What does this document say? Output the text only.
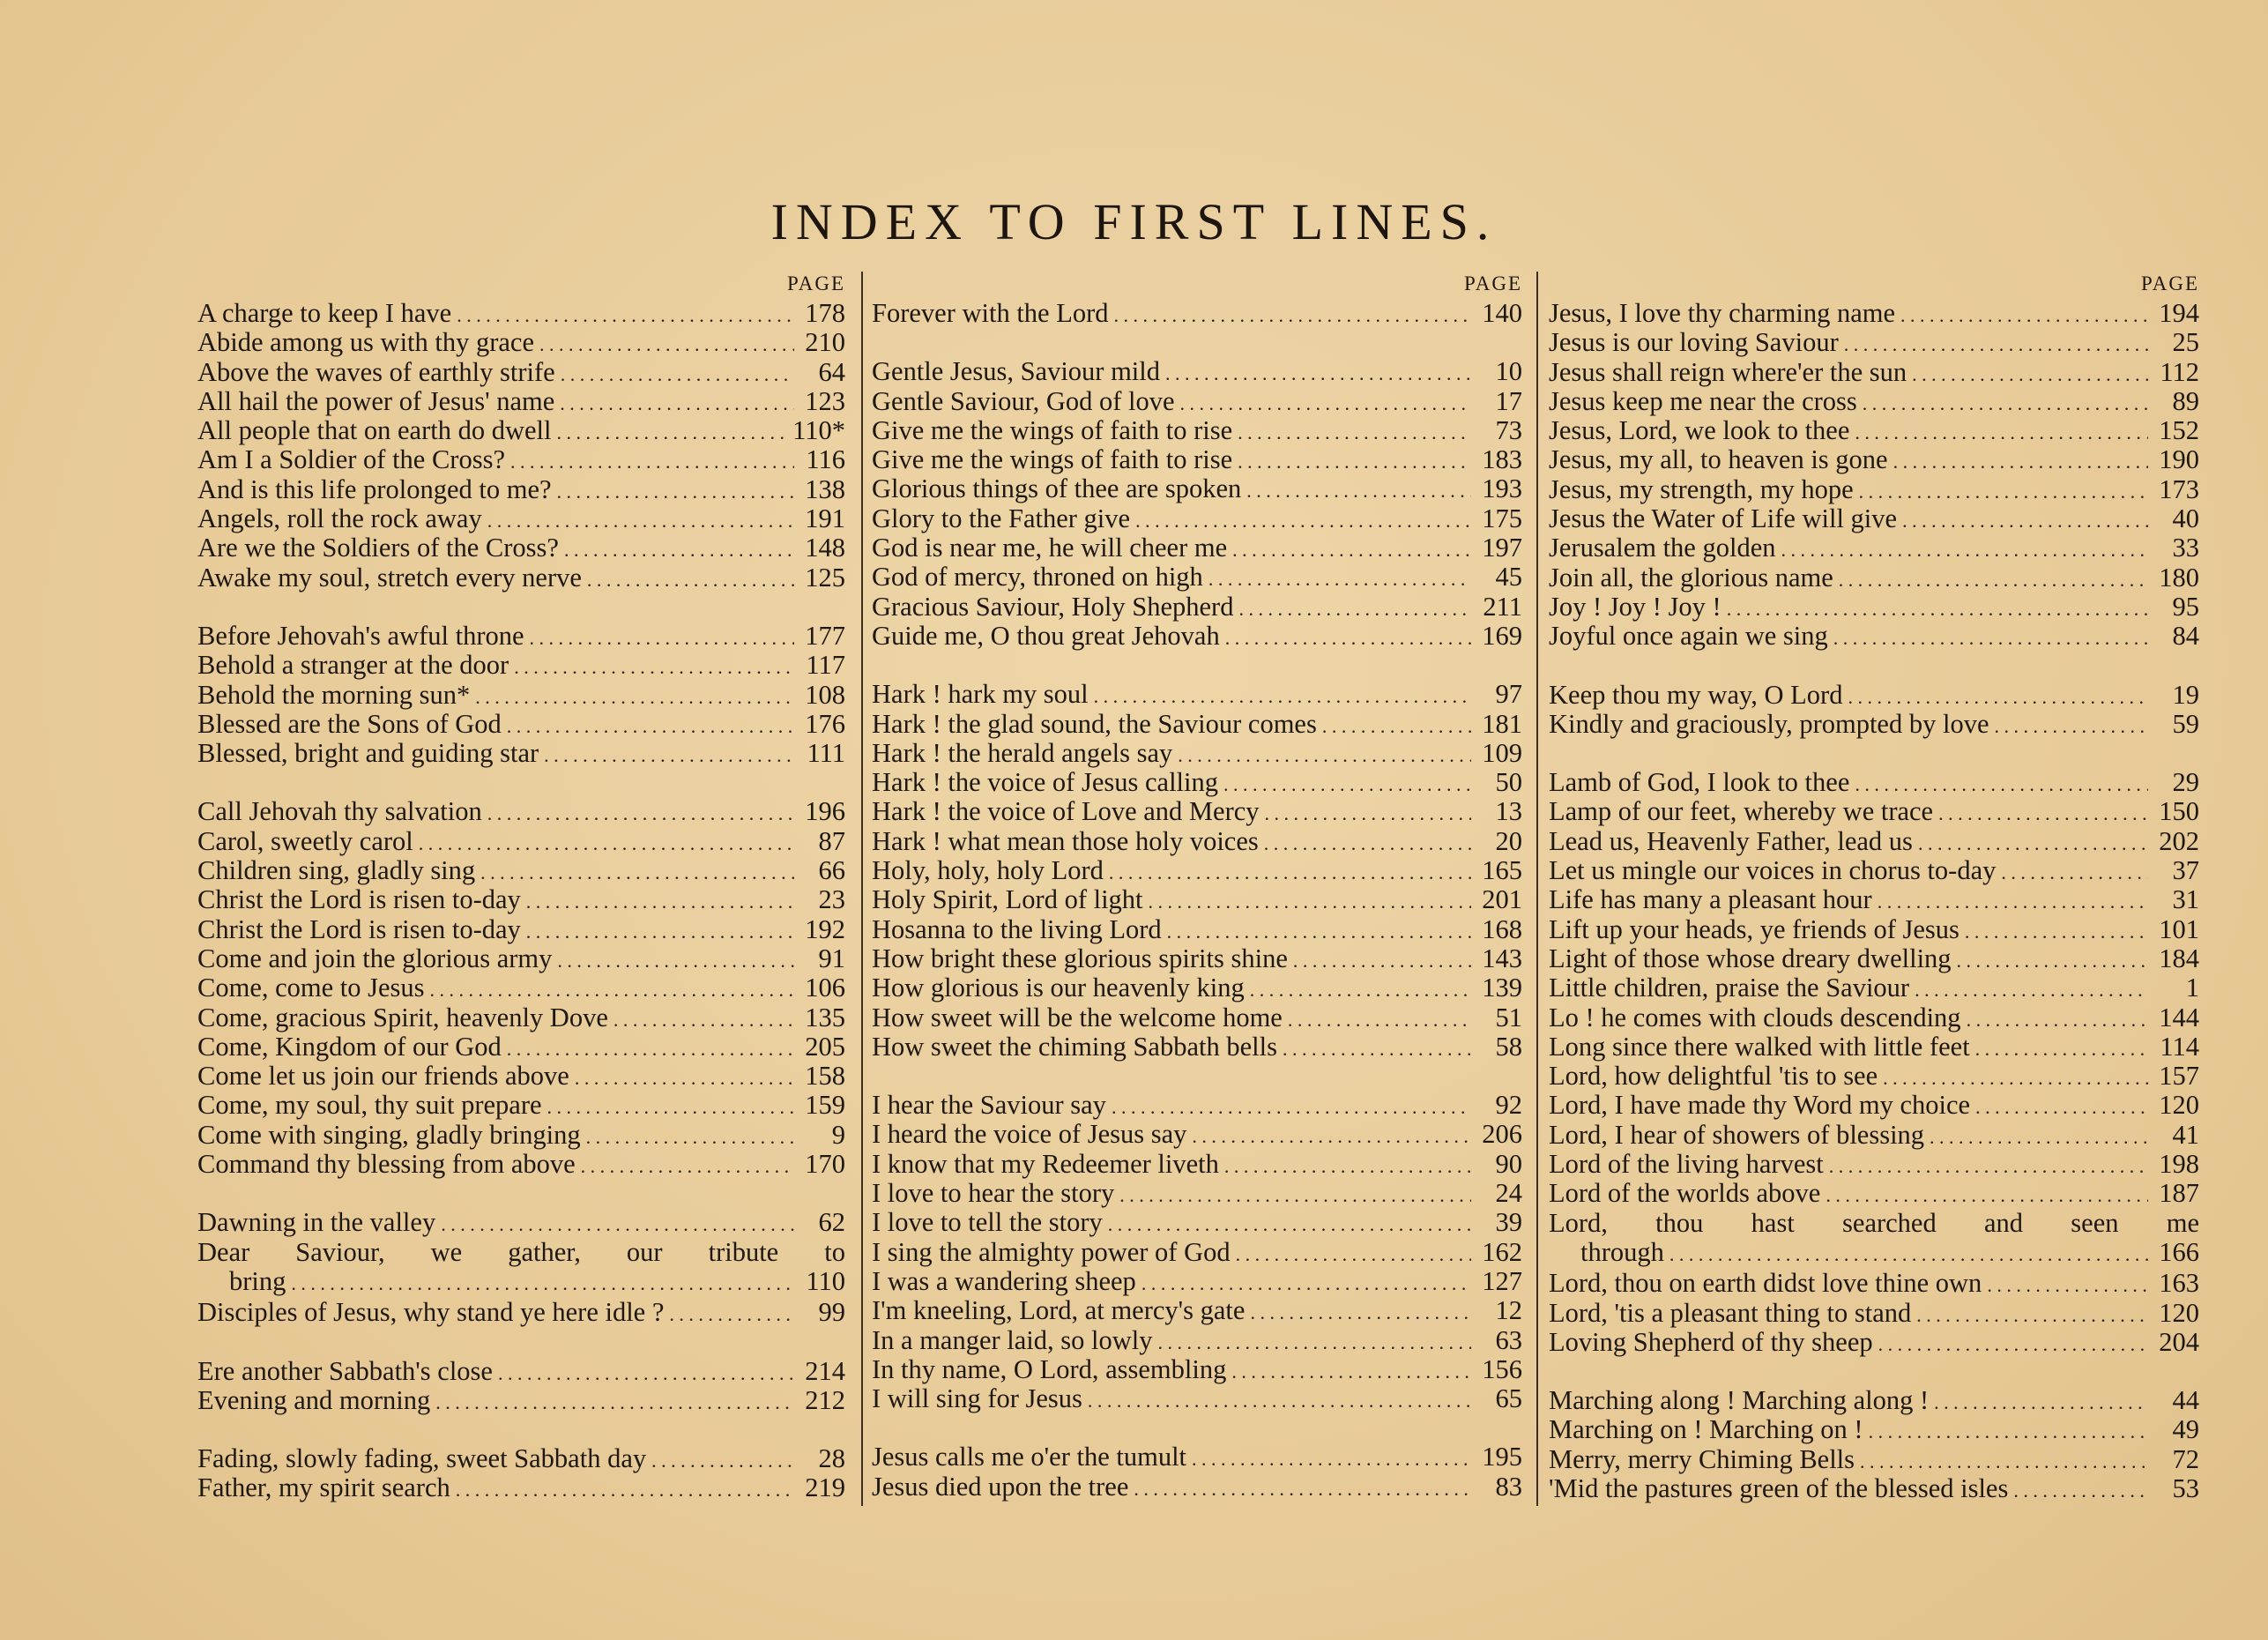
INDEX TO FIRST LINES.
PAGE
A charge to keep I have . . .	178
Abide among us with thy grace . . .	210
Above the waves of earthly strife . . .	64
All hail the power of Jesus' name . . .	123
All people that on earth do dwell . . .	110*
Am I a Soldier of the Cross? . . .	116
And is this life prolonged to me? . . .	138
Angels, roll the rock away . . .	191
Are we the Soldiers of the Cross? . . .	148
Awake my soul, stretch every nerve . . .	125
Before Jehovah's awful throne . . .	177
Behold a stranger at the door . . .	117
Behold the morning sun* . . .	108
Blessed are the Sons of God . . .	176
Blessed, bright and guiding star . . .	111
Call Jehovah thy salvation . . .	196
Carol, sweetly carol . . .	87
Children sing, gladly sing . . .	66
Christ the Lord is risen to-day . . .	23
Christ the Lord is risen to-day . . .	192
Come and join the glorious army . . .	91
Come, come to Jesus . . .	106
Come, gracious Spirit, heavenly Dove . . .	135
Come, Kingdom of our God . . .	205
Come let us join our friends above . . .	158
Come, my soul, thy suit prepare . . .	159
Come with singing, gladly bringing . . .	9
Command thy blessing from above . . .	170
Dawning in the valley . . .	62
Dear Saviour, we gather, our tribute to
bring . . .	110
Disciples of Jesus, why stand ye here idle ? . . .	99
Ere another Sabbath's close . . .	214
Evening and morning . . .	212
Fading, slowly fading, sweet Sabbath day . . .	28
Father, my spirit search . . .	219
PAGE
Forever with the Lord . . .	140
Gentle Jesus, Saviour mild . . .	10
Gentle Saviour, God of love . . .	17
Give me the wings of faith to rise . . .	73
Give me the wings of faith to rise . . .	183
Glorious things of thee are spoken . . .	193
Glory to the Father give . . .	175
God is near me, he will cheer me . . .	197
God of mercy, throned on high . . .	45
Gracious Saviour, Holy Shepherd . . .	211
Guide me, O thou great Jehovah . . .	169
Hark ! hark my soul . . .	97
Hark ! the glad sound, the Saviour comes . . .	181
Hark ! the herald angels say . . .	109
Hark ! the voice of Jesus calling . . .	50
Hark ! the voice of Love and Mercy . . .	13
Hark ! what mean those holy voices . . .	20
Holy, holy, holy Lord . . .	165
Holy Spirit, Lord of light . . .	201
Hosanna to the living Lord . . .	168
How bright these glorious spirits shine . . .	143
How glorious is our heavenly king . . .	139
How sweet will be the welcome home . . .	51
How sweet the chiming Sabbath bells . . .	58
I hear the Saviour say . . .	92
I heard the voice of Jesus say . . .	206
I know that my Redeemer liveth . . .	90
I love to hear the story . . .	24
I love to tell the story . . .	39
I sing the almighty power of God . . .	162
I was a wandering sheep . . .	127
I'm kneeling, Lord, at mercy's gate . . .	12
In a manger laid, so lowly . . .	63
In thy name, O Lord, assembling . . .	156
I will sing for Jesus . . .	65
Jesus calls me o'er the tumult . . .	195
Jesus died upon the tree . . .	83
PAGE
Jesus, I love thy charming name . . .	194
Jesus is our loving Saviour . . .	25
Jesus shall reign where'er the sun . . .	112
Jesus keep me near the cross . . .	89
Jesus, Lord, we look to thee . . .	152
Jesus, my all, to heaven is gone . . .	190
Jesus, my strength, my hope . . .	173
Jesus the Water of Life will give . . .	40
Jerusalem the golden . . .	33
Join all, the glorious name . . .	180
Joy ! Joy ! Joy ! . . .	95
Joyful once again we sing . . .	84
Keep thou my way, O Lord . . .	19
Kindly and graciously, prompted by love . . .	59
Lamb of God, I look to thee . . .	29
Lamp of our feet, whereby we trace . . .	150
Lead us, Heavenly Father, lead us . . .	202
Let us mingle our voices in chorus to-day . . .	37
Life has many a pleasant hour . . .	31
Lift up your heads, ye friends of Jesus . . .	101
Light of those whose dreary dwelling . . .	184
Little children, praise the Saviour . . .	1
Lo ! he comes with clouds descending . . .	144
Long since there walked with little feet . . .	114
Lord, how delightful 'tis to see . . .	157
Lord, I have made thy Word my choice . . .	120
Lord, I hear of showers of blessing . . .	41
Lord of the living harvest . . .	198
Lord of the worlds above . . .	187
Lord, thou hast searched and seen me
through . . .	166
Lord, thou on earth didst love thine own . . .	163
Lord, 'tis a pleasant thing to stand . . .	120
Loving Shepherd of thy sheep . . .	204
Marching along ! Marching along ! . . .	44
Marching on ! Marching on ! . . .	49
Merry, merry Chiming Bells . . .	72
'Mid the pastures green of the blessed isles . . .	53
